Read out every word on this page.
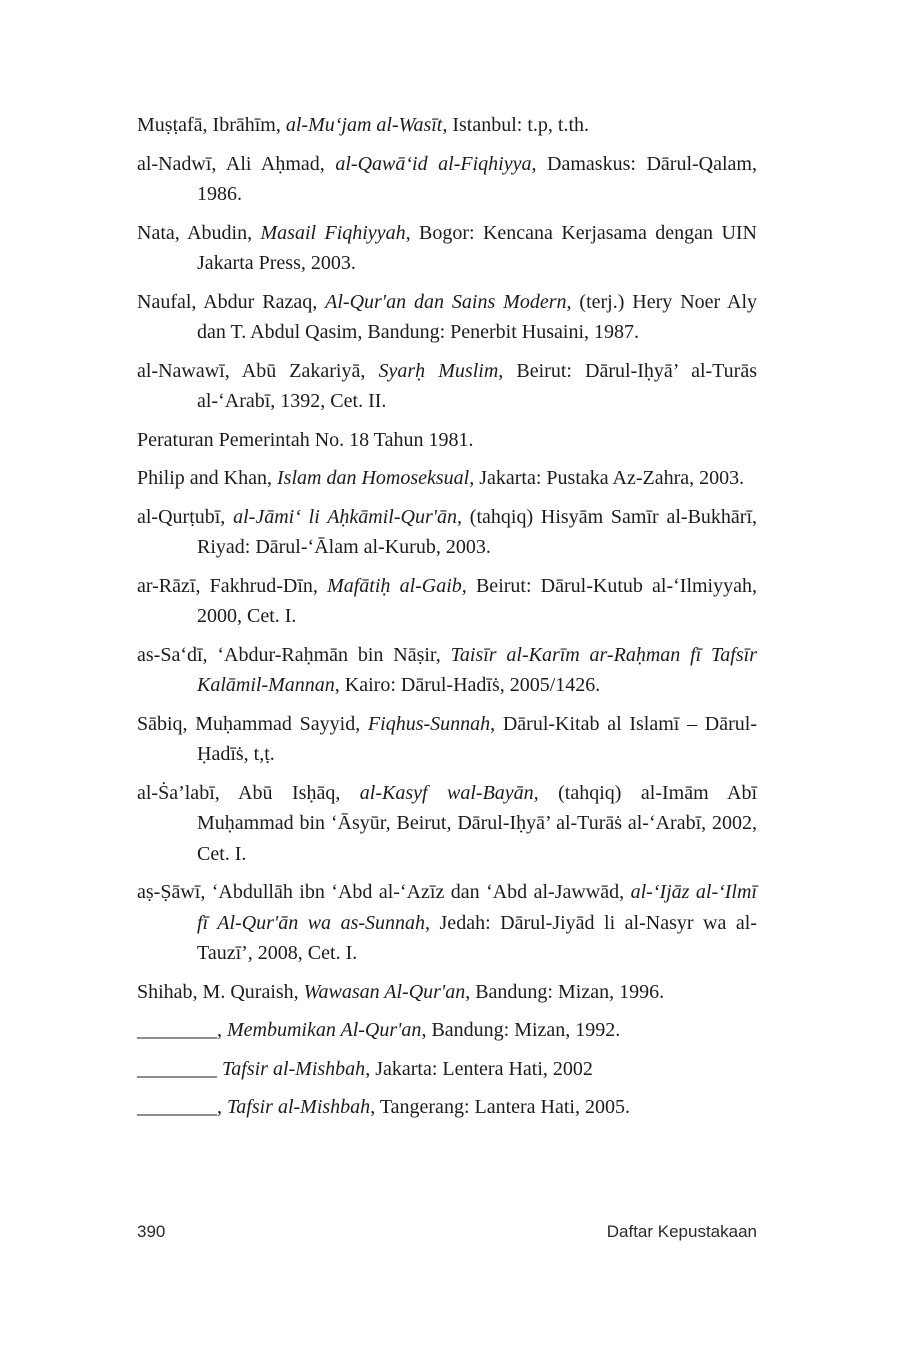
Muṣṭafā, Ibrāhīm, al-Mu‘jam al-Wasīt, Istanbul: t.p, t.th.

al-Nadwī, Ali Aḥmad, al-Qawā‘id al-Fiqhiyya, Damaskus: Dārul-Qalam, 1986.

Nata, Abudin, Masail Fiqhiyyah, Bogor: Kencana Kerjasama dengan UIN Jakarta Press, 2003.

Naufal, Abdur Razaq, Al-Qur'an dan Sains Modern, (terj.) Hery Noer Aly dan T. Abdul Qasim, Bandung: Penerbit Husaini, 1987.

al-Nawawī, Abū Zakariyā, Syarḥ Muslim, Beirut: Dārul-Iḥyā’ al-Turās al-‘Arabī, 1392, Cet. II.

Peraturan Pemerintah No. 18 Tahun 1981.

Philip and Khan, Islam dan Homoseksual, Jakarta: Pustaka Az-Zahra, 2003.

al-Qurṭubī, al-Jāmi‘ li Aḥkāmil-Qur'ān, (tahqiq) Hisyām Samīr al-Bukhārī, Riyad: Dārul-‘Ālam al-Kurub, 2003.

ar-Rāzī, Fakhrud-Dīn, Mafātiḥ al-Gaib, Beirut: Dārul-Kutub al-‘Ilmiyyah, 2000, Cet. I.

as-Sa‘dī, ‘Abdur-Raḥmān bin Nāṣir, Taisīr al-Karīm ar-Raḥman fī Tafsīr Kalāmil-Mannan, Kairo: Dārul-Hadīṡ, 2005/1426.

Sābiq, Muḥammad Sayyid, Fiqhus-Sunnah, Dārul-Kitab al Islamī – Dārul-Ḥadīṡ, t,ṭ.

al-Ṡa’labī, Abū Isḥāq, al-Kasyf wal-Bayān, (tahqiq) al-Imām Abī Muḥammad bin ‘Āsyūr, Beirut, Dārul-Iḥyā’ al-Turāṡ al-‘Arabī, 2002, Cet. I.

aṣ-Ṣāwī, ‘Abdullāh ibn ‘Abd al-‘Azīz dan ‘Abd al-Jawwād, al-‘Ijāz al-‘Ilmī fī Al-Qur'ān wa as-Sunnah, Jedah: Dārul-Jiyād li al-Nasyr wa al-Tauzī’, 2008, Cet. I.

Shihab, M. Quraish, Wawasan Al-Qur'an, Bandung: Mizan, 1996.

________, Membumikan Al-Qur'an, Bandung: Mizan, 1992.

________ Tafsir al-Mishbah, Jakarta: Lentera Hati, 2002

________, Tafsir al-Mishbah, Tangerang: Lantera Hati, 2005.

390	Daftar Kepustakaan
